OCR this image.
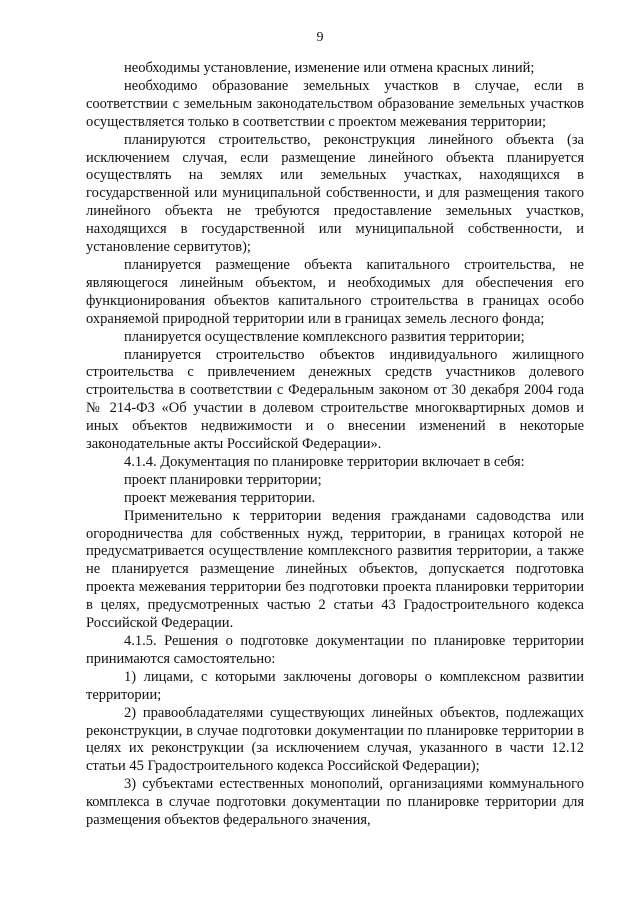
9

необходимы установление, изменение или отмена красных линий;

необходимо образование земельных участков в случае, если в соответствии с земельным законодательством образование земельных участков осуществляется только в соответствии с проектом межевания территории;

планируются строительство, реконструкция линейного объекта (за исключением случая, если размещение линейного объекта планируется осуществлять на землях или земельных участках, находящихся в государственной или муниципальной собственности, и для размещения такого линейного объекта не требуются предоставление земельных участков, находящихся в государственной или муниципальной собственности, и установление сервитутов);

планируется размещение объекта капитального строительства, не являющегося линейным объектом, и необходимых для обеспечения его функционирования объектов капитального строительства в границах особо охраняемой природной территории или в границах земель лесного фонда;

планируется осуществление комплексного развития территории;

планируется строительство объектов индивидуального жилищного строительства с привлечением денежных средств участников долевого строительства в соответствии с Федеральным законом от 30 декабря 2004 года № 214-ФЗ «Об участии в долевом строительстве многоквартирных домов и иных объектов недвижимости и о внесении изменений в некоторые законодательные акты Российской Федерации».

4.1.4. Документация по планировке территории включает в себя:

проект планировки территории;

проект межевания территории.

Применительно к территории ведения гражданами садоводства или огородничества для собственных нужд, территории, в границах которой не предусматривается осуществление комплексного развития территории, а также не планируется размещение линейных объектов, допускается подготовка проекта межевания территории без подготовки проекта планировки территории в целях, предусмотренных частью 2 статьи 43 Градостроительного кодекса Российской Федерации.

4.1.5. Решения о подготовке документации по планировке территории принимаются самостоятельно:

1) лицами, с которыми заключены договоры о комплексном развитии территории;

2) правообладателями существующих линейных объектов, подлежащих реконструкции, в случае подготовки документации по планировке территории в целях их реконструкции (за исключением случая, указанного в части 12.12 статьи 45 Градостроительного кодекса Российской Федерации);

3) субъектами естественных монополий, организациями коммунального комплекса в случае подготовки документации по планировке территории для размещения объектов федерального значения,
